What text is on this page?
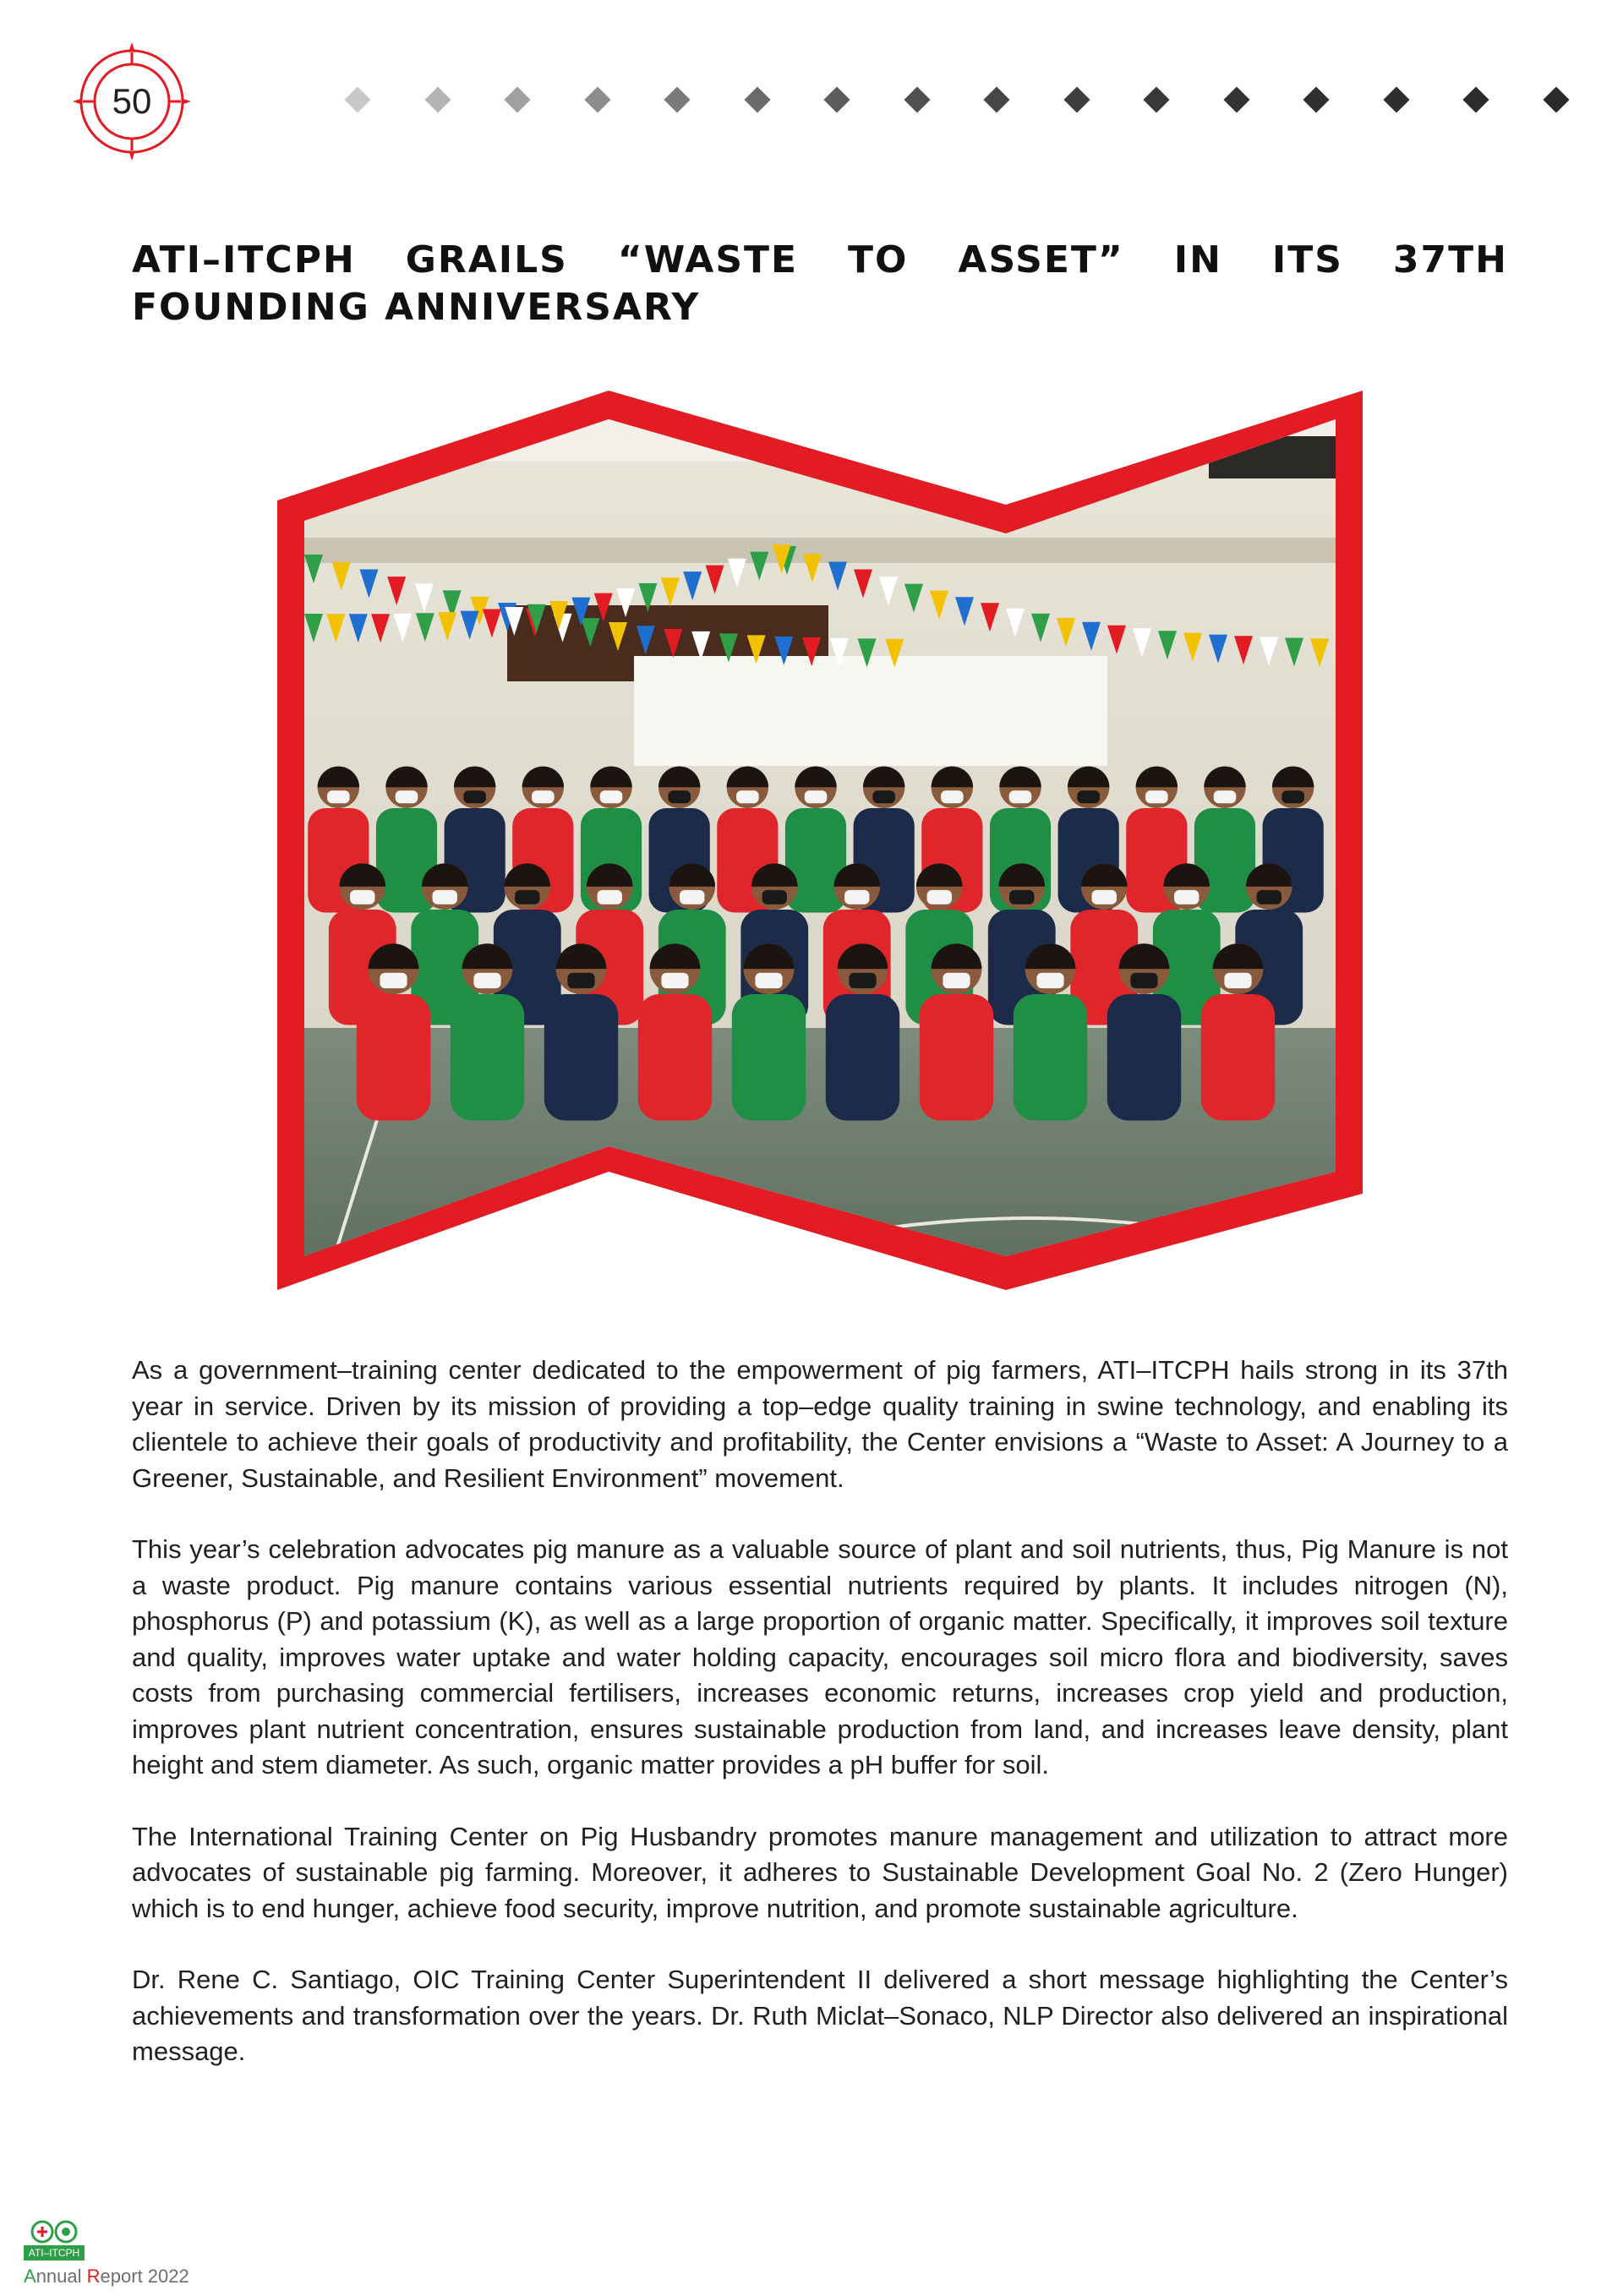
50
ATI–ITCPH GRAILS “WASTE TO ASSET” IN ITS 37TH FOUNDING ANNIVERSARY

As a government–training center dedicated to the empowerment of pig farmers, ATI–ITCPH hails strong in its 37th year in service. Driven by its mission of providing a top–edge quality training in swine technology, and enabling its clientele to achieve their goals of productivity and profitability, the Center envisions a “Waste to Asset: A Journey to a Greener, Sustainable, and Resilient Environment” movement.

This year’s celebration advocates pig manure as a valuable source of plant and soil nutrients, thus, Pig Manure is not a waste product. Pig manure contains various essential nutrients required by plants. It includes nitrogen (N), phosphorus (P) and potassium (K), as well as a large proportion of organic matter. Specifically, it improves soil texture and quality, improves water uptake and water holding capacity, encourages soil micro flora and biodiversity, saves costs from purchasing commercial fertilisers, increases economic returns, increases crop yield and production, improves plant nutrient concentration, ensures sustainable production from land, and increases leave density, plant height and stem diameter. As such, organic matter provides a pH buffer for soil.

The International Training Center on Pig Husbandry promotes manure management and utilization to attract more advocates of sustainable pig farming. Moreover, it adheres to Sustainable Development Goal No. 2 (Zero Hunger) which is to end hunger, achieve food security, improve nutrition, and promote sustainable agriculture.

Dr. Rene C. Santiago, OIC Training Center Superintendent II delivered a short message highlighting the Center’s achievements and transformation over the years. Dr. Ruth Miclat–Sonaco, NLP Director also delivered an inspirational message.

ATI–ITCPH
Annual Report 2022
